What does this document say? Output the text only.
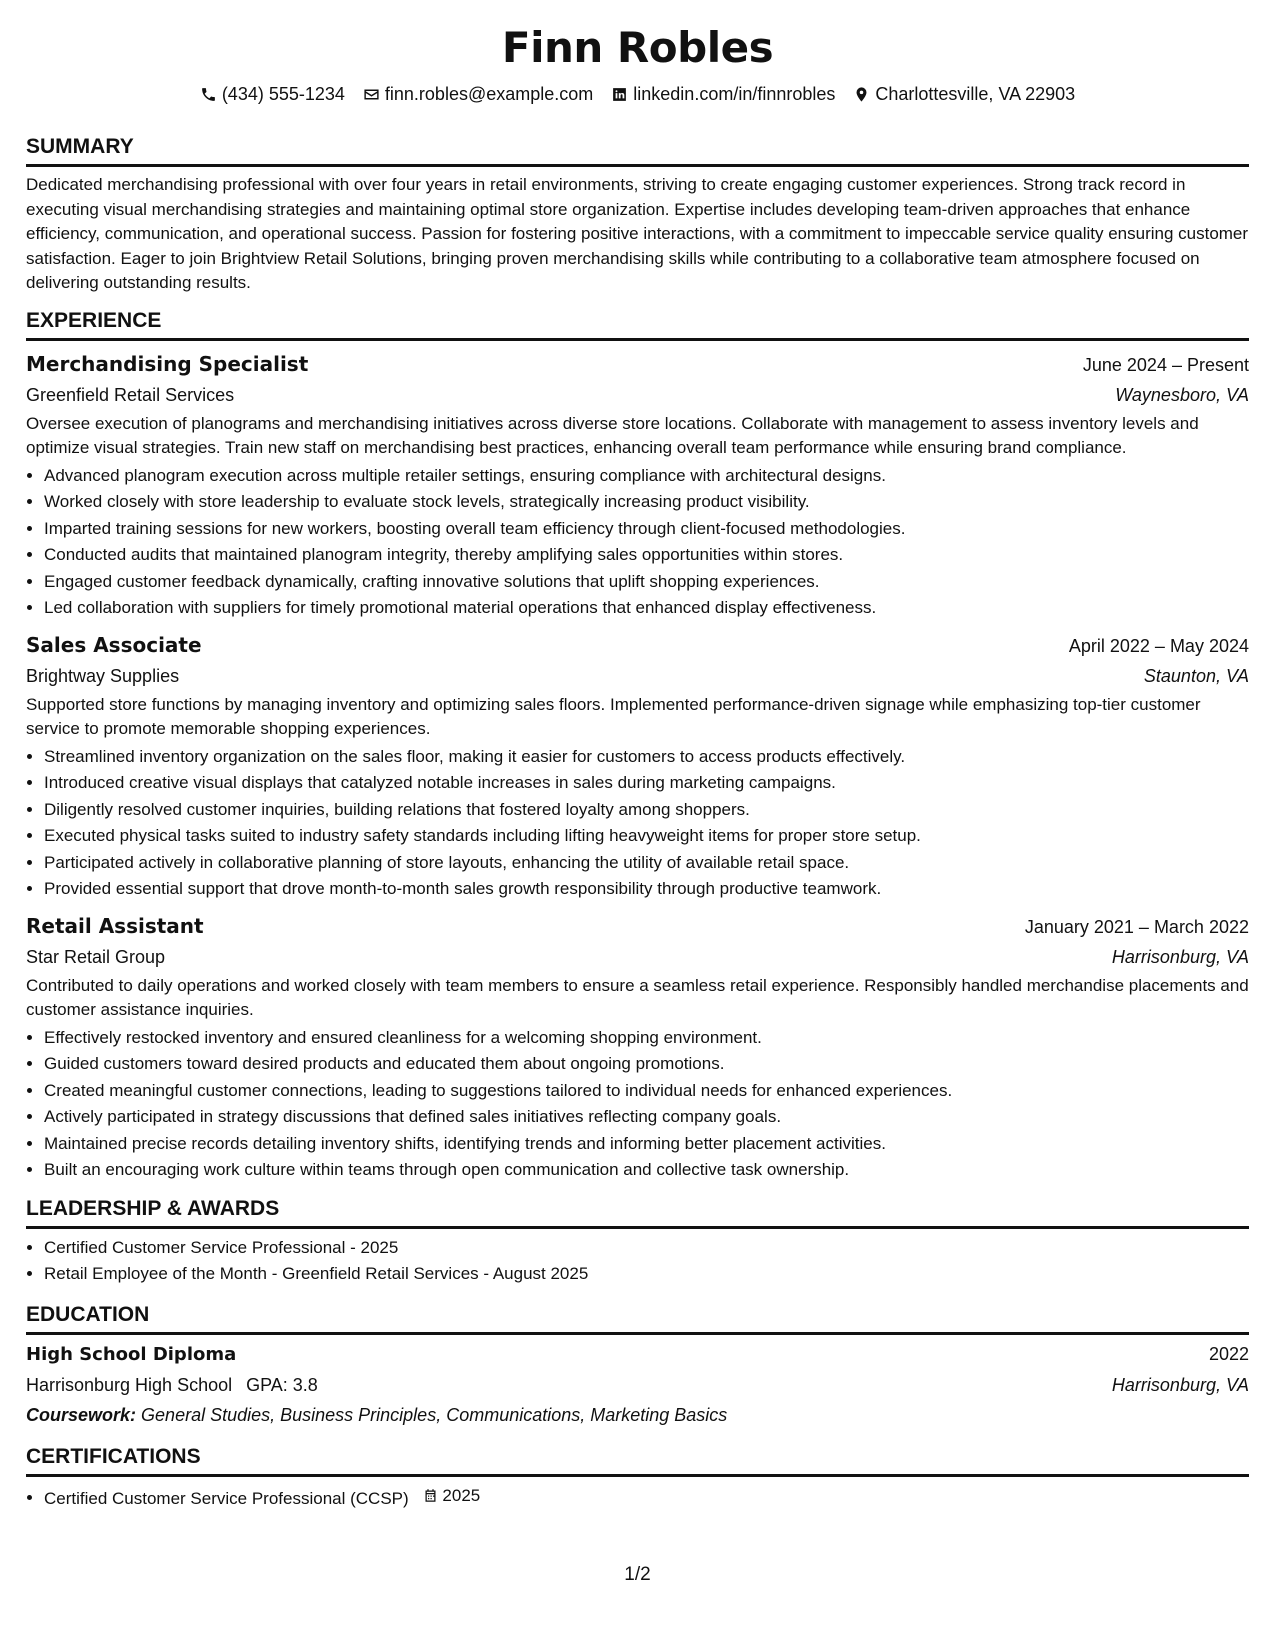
Finn Robles
(434) 555-1234 finn.robles@example.com linkedin.com/in/finnrobles Charlottesville, VA 22903
SUMMARY

Dedicated merchandising professional with over four years in retail environments, striving to create engaging customer experiences. Strong track record in executing visual merchandising strategies and maintaining optimal store organization. Expertise includes developing team-driven approaches that enhance efficiency, communication, and operational success. Passion for fostering positive interactions, with a commitment to impeccable service quality ensuring customer satisfaction. Eager to join Brightview Retail Solutions, bringing proven merchandising skills while contributing to a collaborative team atmosphere focused on delivering outstanding results.

EXPERIENCE
Merchandising Specialist	June 2024 – Present
Greenfield Retail Services	Waynesboro, VA

Oversee execution of planograms and merchandising initiatives across diverse store locations. Collaborate with management to assess inventory levels and optimize visual strategies. Train new staff on merchandising best practices, enhancing overall team performance while ensuring brand compliance.

• Advanced planogram execution across multiple retailer settings, ensuring compliance with architectural designs.
• Worked closely with store leadership to evaluate stock levels, strategically increasing product visibility.
• Imparted training sessions for new workers, boosting overall team efficiency through client-focused methodologies.
• Conducted audits that maintained planogram integrity, thereby amplifying sales opportunities within stores.
• Engaged customer feedback dynamically, crafting innovative solutions that uplift shopping experiences.
• Led collaboration with suppliers for timely promotional material operations that enhanced display effectiveness.
Sales Associate	April 2022 – May 2024
Brightway Supplies	Staunton, VA

Supported store functions by managing inventory and optimizing sales floors. Implemented performance-driven signage while emphasizing top-tier customer service to promote memorable shopping experiences.

• Streamlined inventory organization on the sales floor, making it easier for customers to access products effectively.
• Introduced creative visual displays that catalyzed notable increases in sales during marketing campaigns.
• Diligently resolved customer inquiries, building relations that fostered loyalty among shoppers.
• Executed physical tasks suited to industry safety standards including lifting heavyweight items for proper store setup.
• Participated actively in collaborative planning of store layouts, enhancing the utility of available retail space.
• Provided essential support that drove month-to-month sales growth responsibility through productive teamwork.
Retail Assistant	January 2021 – March 2022
Star Retail Group	Harrisonburg, VA

Contributed to daily operations and worked closely with team members to ensure a seamless retail experience. Responsibly handled merchandise placements and customer assistance inquiries.

• Effectively restocked inventory and ensured cleanliness for a welcoming shopping environment.
• Guided customers toward desired products and educated them about ongoing promotions.
• Created meaningful customer connections, leading to suggestions tailored to individual needs for enhanced experiences.
• Actively participated in strategy discussions that defined sales initiatives reflecting company goals.
• Maintained precise records detailing inventory shifts, identifying trends and informing better placement activities.
• Built an encouraging work culture within teams through open communication and collective task ownership.
LEADERSHIP & AWARDS
• Certified Customer Service Professional - 2025
• Retail Employee of the Month - Greenfield Retail Services - August 2025
EDUCATION
High School Diploma	2022
Harrisonburg High School GPA: 3.8	Harrisonburg, VA
Coursework: General Studies, Business Principles, Communications, Marketing Basics
CERTIFICATIONS
• Certified Customer Service Professional (CCSP) 2025
1/2
